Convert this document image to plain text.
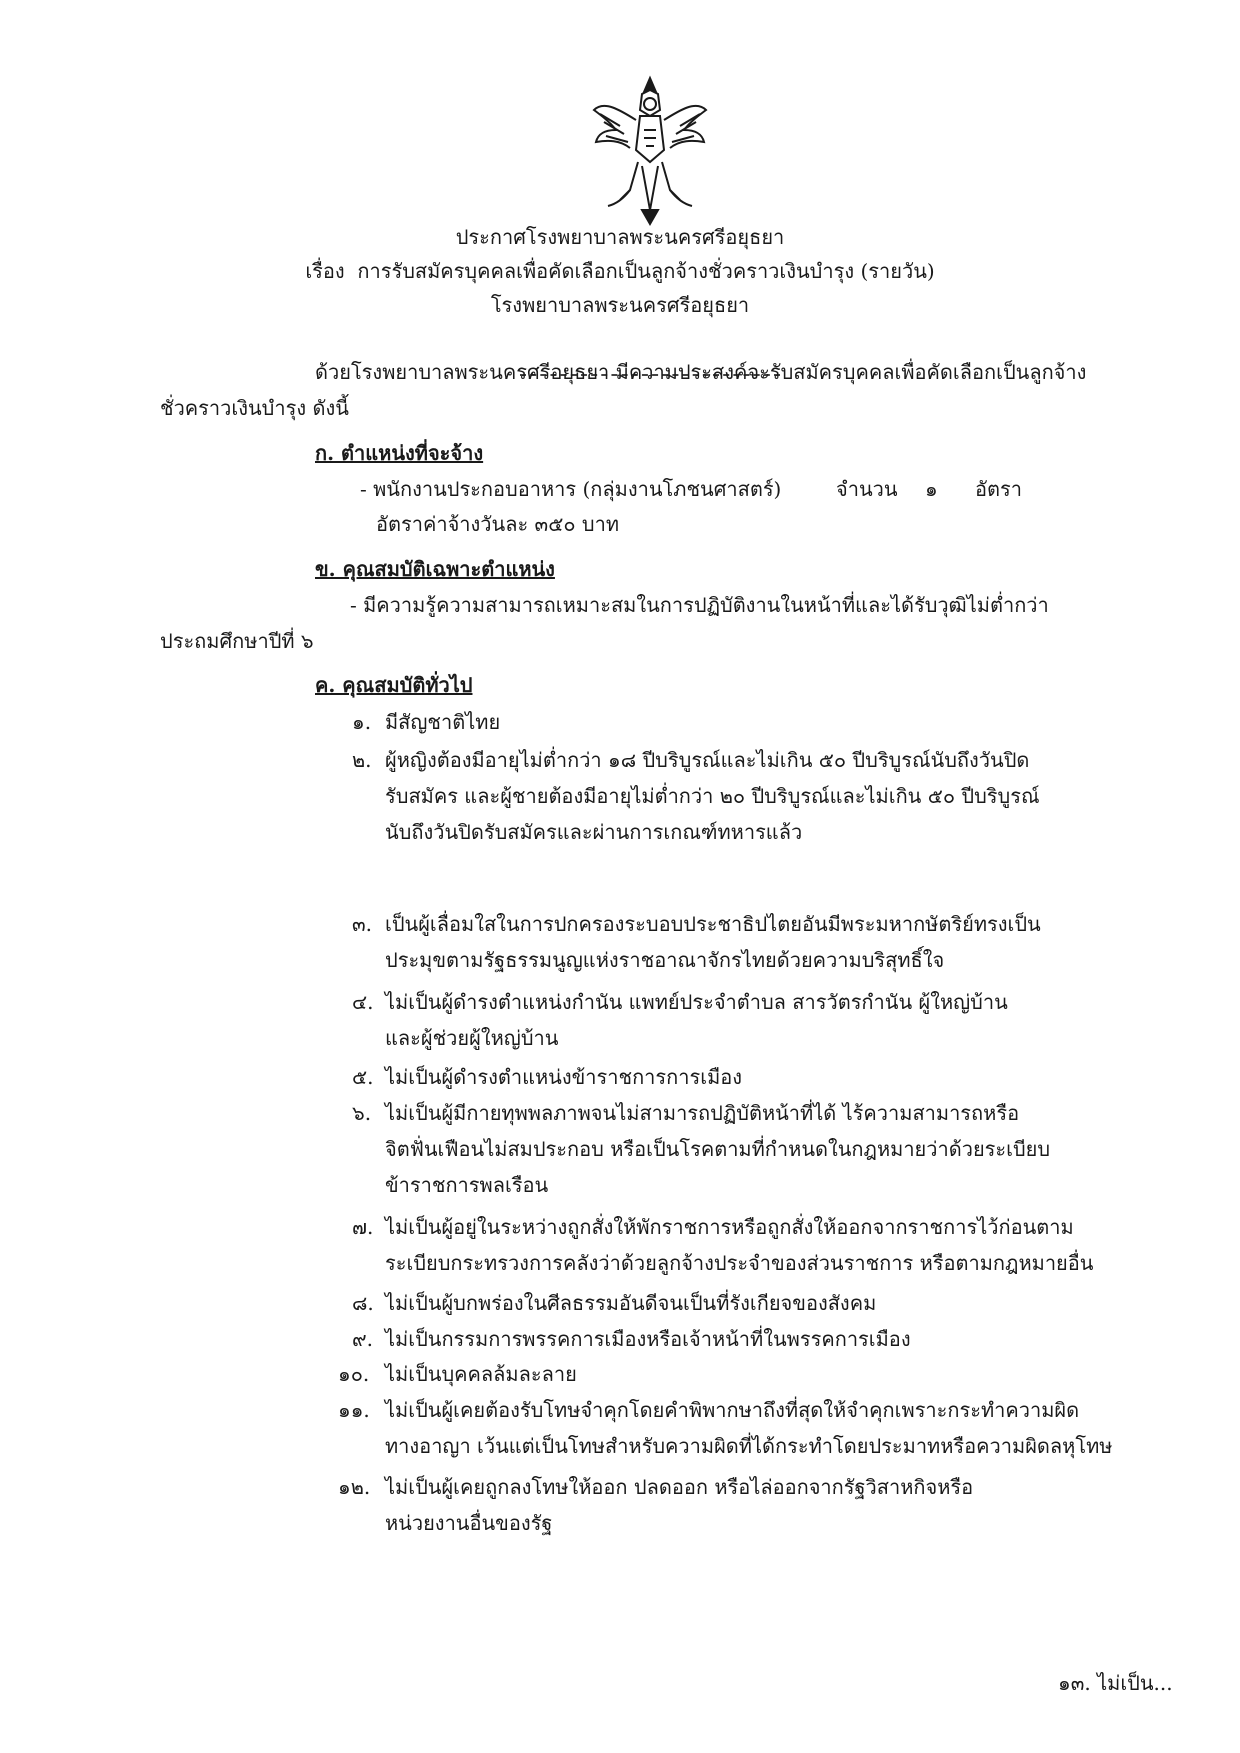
ประกาศโรงพยาบาลพระนครศรีอยุธยา
เรื่อง การรับสมัครบุคคลเพื่อคัดเลือกเป็นลูกจ้างชั่วคราวเงินบำรุง (รายวัน)
โรงพยาบาลพระนครศรีอยุธยา
ด้วยโรงพยาบาลพระนครศรีอยุธยา มีความประสงค์จะรับสมัครบุคคลเพื่อคัดเลือกเป็นลูกจ้าง
ชั่วคราวเงินบำรุง ดังนี้
ก. ตำแหน่งที่จะจ้าง
- พนักงานประกอบอาหาร (กลุ่มงานโภชนศาสตร์)	จำนวน ๑ อัตรา
อัตราค่าจ้างวันละ ๓๕๐ บาท
ข. คุณสมบัติเฉพาะตำแหน่ง
- มีความรู้ความสามารถเหมาะสมในการปฏิบัติงานในหน้าที่และได้รับวุฒิไม่ต่ำกว่า
ประถมศึกษาปีที่ ๖
ค. คุณสมบัติทั่วไป
๑. มีสัญชาติไทย
๒. ผู้หญิงต้องมีอายุไม่ต่ำกว่า ๑๘ ปีบริบูรณ์และไม่เกิน ๕๐ ปีบริบูรณ์นับถึงวันปิด
รับสมัคร และผู้ชายต้องมีอายุไม่ต่ำกว่า ๒๐ ปีบริบูรณ์และไม่เกิน ๕๐ ปีบริบูรณ์
นับถึงวันปิดรับสมัครและผ่านการเกณฑ์ทหารแล้ว
๓. เป็นผู้เลื่อมใสในการปกครองระบอบประชาธิปไตยอันมีพระมหากษัตริย์ทรงเป็น
ประมุขตามรัฐธรรมนูญแห่งราชอาณาจักรไทยด้วยความบริสุทธิ์ใจ
๔. ไม่เป็นผู้ดำรงตำแหน่งกำนัน แพทย์ประจำตำบล สารวัตรกำนัน ผู้ใหญ่บ้าน
และผู้ช่วยผู้ใหญ่บ้าน
๕. ไม่เป็นผู้ดำรงตำแหน่งข้าราชการการเมือง
๖. ไม่เป็นผู้มีกายทุพพลภาพจนไม่สามารถปฏิบัติหน้าที่ได้ ไร้ความสามารถหรือ
จิตฟั่นเฟือนไม่สมประกอบ หรือเป็นโรคตามที่กำหนดในกฎหมายว่าด้วยระเบียบ
ข้าราชการพลเรือน
๗. ไม่เป็นผู้อยู่ในระหว่างถูกสั่งให้พักราชการหรือถูกสั่งให้ออกจากราชการไว้ก่อนตาม
ระเบียบกระทรวงการคลังว่าด้วยลูกจ้างประจำของส่วนราชการ หรือตามกฎหมายอื่น
๘. ไม่เป็นผู้บกพร่องในศีลธรรมอันดีจนเป็นที่รังเกียจของสังคม
๙. ไม่เป็นกรรมการพรรคการเมืองหรือเจ้าหน้าที่ในพรรคการเมือง
๑๐. ไม่เป็นบุคคลล้มละลาย
๑๑. ไม่เป็นผู้เคยต้องรับโทษจำคุกโดยคำพิพากษาถึงที่สุดให้จำคุกเพราะกระทำความผิด
ทางอาญา เว้นแต่เป็นโทษสำหรับความผิดที่ได้กระทำโดยประมาทหรือความผิดลหุโทษ
๑๒. ไม่เป็นผู้เคยถูกลงโทษให้ออก ปลดออก หรือไล่ออกจากรัฐวิสาหกิจหรือ
หน่วยงานอื่นของรัฐ
๑๓. ไม่เป็น...
